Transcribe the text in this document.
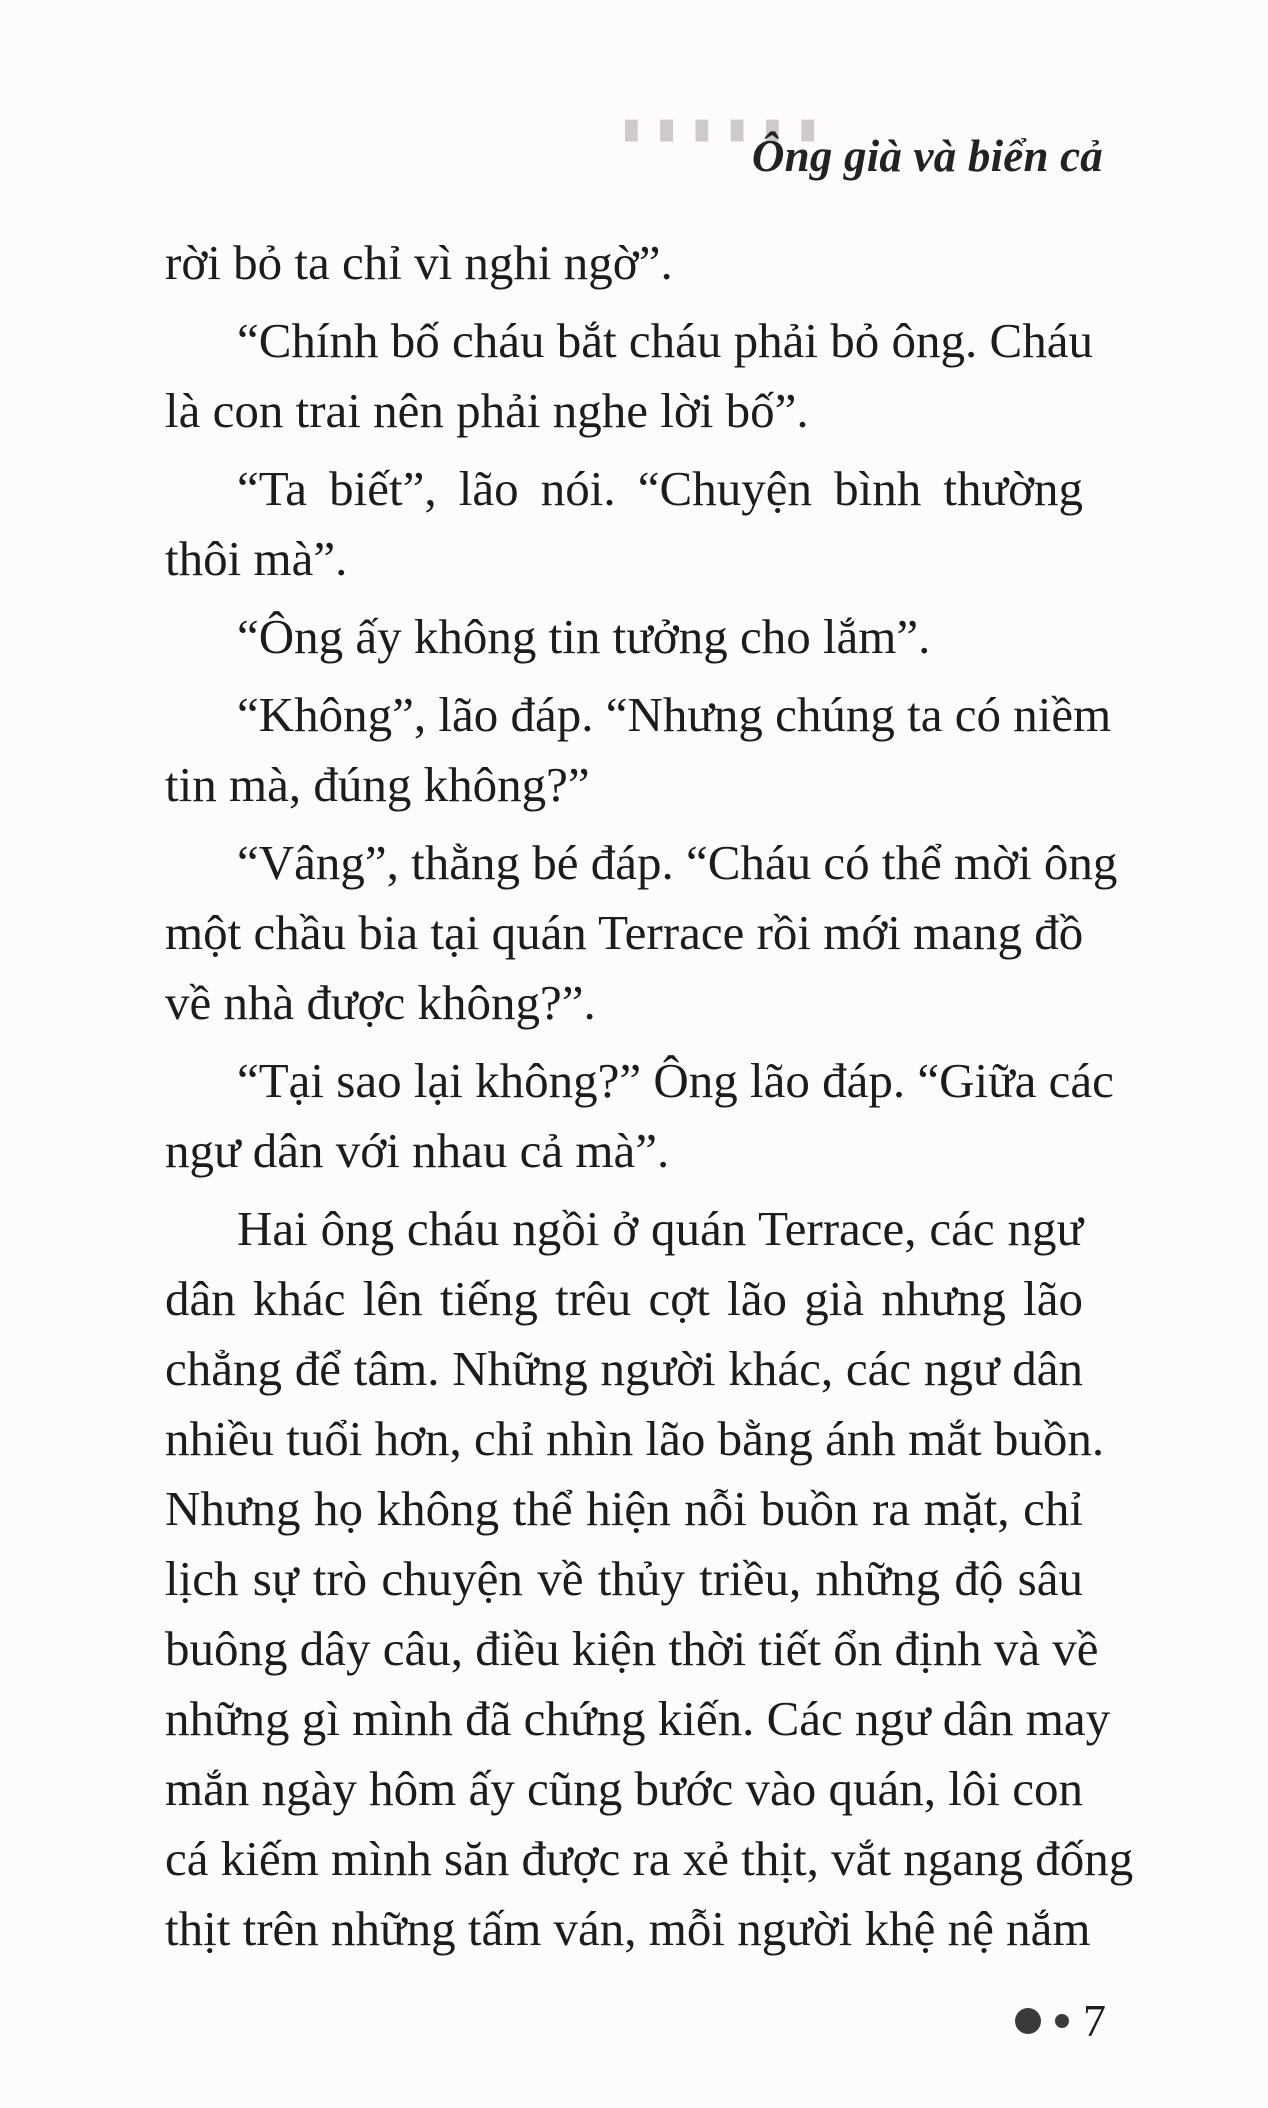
█ █ █ █ █ █
Ông già và biển cả
rời bỏ ta chỉ vì nghi ngờ”.
“Chính bố cháu bắt cháu phải bỏ ông. Cháu
là con trai nên phải nghe lời bố”.
“Ta biết”, lão nói. “Chuyện bình thường
thôi mà”.
“Ông ấy không tin tưởng cho lắm”.
“Không”, lão đáp. “Nhưng chúng ta có niềm
tin mà, đúng không?”
“Vâng”, thằng bé đáp. “Cháu có thể mời ông
một chầu bia tại quán Terrace rồi mới mang đồ
về nhà được không?”.
“Tại sao lại không?” Ông lão đáp. “Giữa các
ngư dân với nhau cả mà”.
Hai ông cháu ngồi ở quán Terrace, các ngư
dân khác lên tiếng trêu cợt lão già nhưng lão
chẳng để tâm. Những người khác, các ngư dân
nhiều tuổi hơn, chỉ nhìn lão bằng ánh mắt buồn.
Nhưng họ không thể hiện nỗi buồn ra mặt, chỉ
lịch sự trò chuyện về thủy triều, những độ sâu
buông dây câu, điều kiện thời tiết ổn định và về
những gì mình đã chứng kiến. Các ngư dân may
mắn ngày hôm ấy cũng bước vào quán, lôi con
cá kiếm mình săn được ra xẻ thịt, vắt ngang đống
thịt trên những tấm ván, mỗi người khệ nệ nắm
7
